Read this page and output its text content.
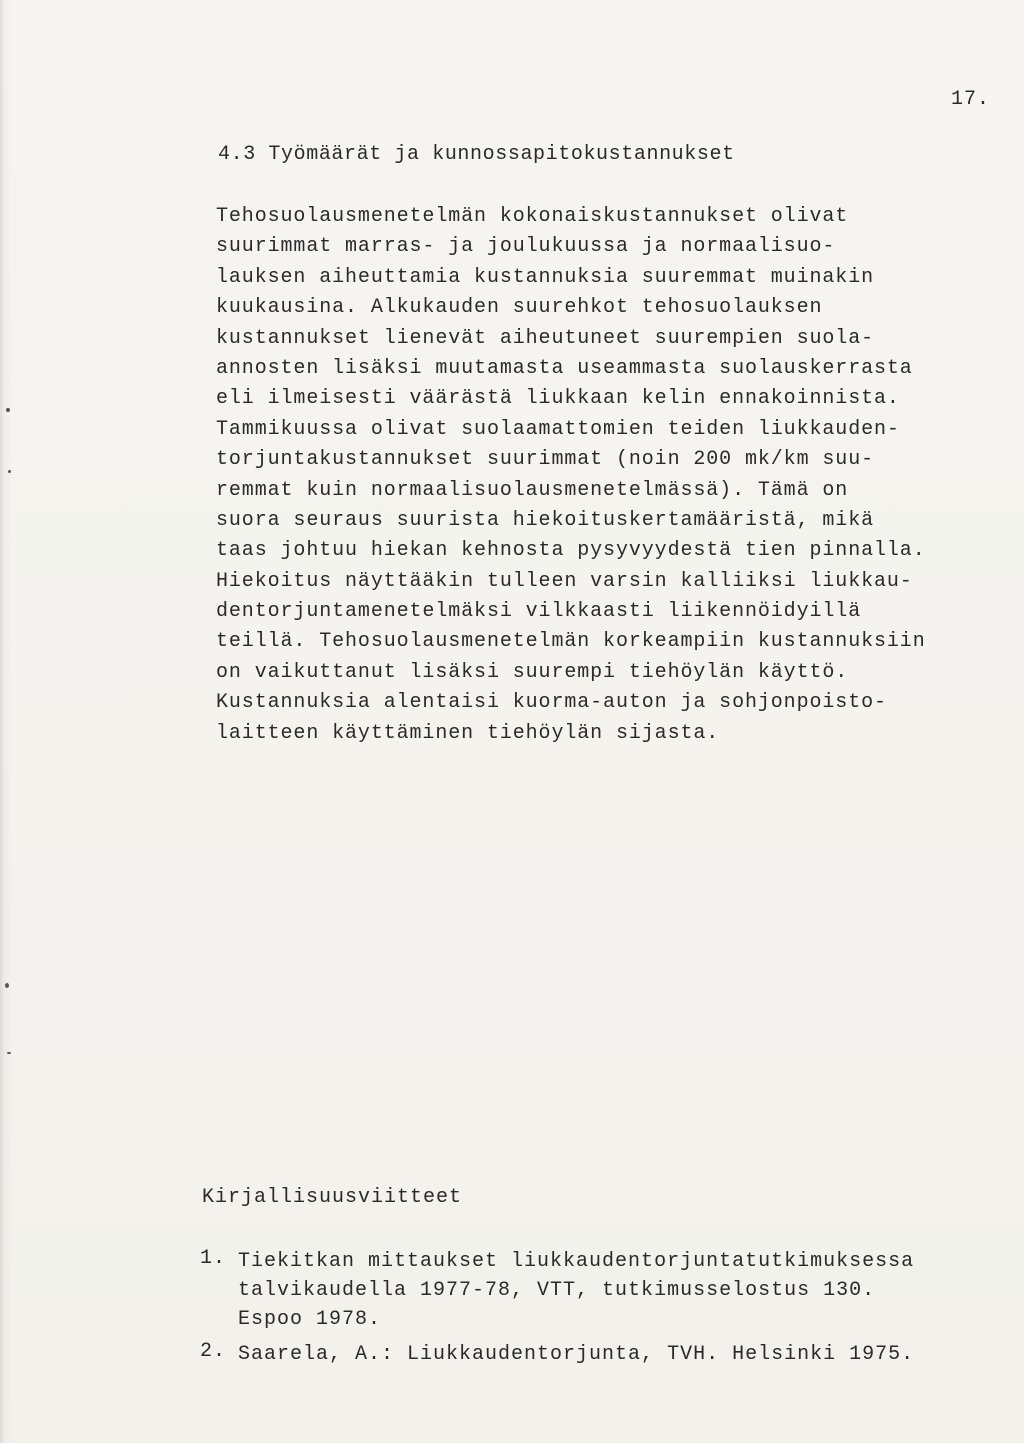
17.
4.3 Työmäärät ja kunnossapitokustannukset
Tehosuolausmenetelmän kokonaiskustannukset olivat
suurimmat marras- ja joulukuussa ja normaalisuo-
lauksen aiheuttamia kustannuksia suuremmat muinakin
kuukausina. Alkukauden suurehkot tehosuolauksen
kustannukset lienevät aiheutuneet suurempien suola-
annosten lisäksi muutamasta useammasta suolauskerrasta
eli ilmeisesti väärästä liukkaan kelin ennakoinnista.
Tammikuussa olivat suolaamattomien teiden liukkauden-
torjuntakustannukset suurimmat (noin 200 mk/km suu-
remmat kuin normaalisuolausmenetelmässä). Tämä on
suora seuraus suurista hiekoituskertamääristä, mikä
taas johtuu hiekan kehnosta pysyvyydestä tien pinnalla.
Hiekoitus näyttääkin tulleen varsin kalliiksi liukkau-
dentorjuntamenetelmäksi vilkkaasti liikennöidyillä
teillä. Tehosuolausmenetelmän korkeampiin kustannuksiin
on vaikuttanut lisäksi suurempi tiehöylän käyttö.
Kustannuksia alentaisi kuorma-auton ja sohjonpoisto-
laitteen käyttäminen tiehöylän sijasta.
Kirjallisuusviitteet
1. Tiekitkan mittaukset liukkaudentorjuntatutkimuksessa
talvikaudella 1977-78, VTT, tutkimusselostus 130.
Espoo 1978.
2. Saarela, A.: Liukkaudentorjunta, TVH. Helsinki 1975.
